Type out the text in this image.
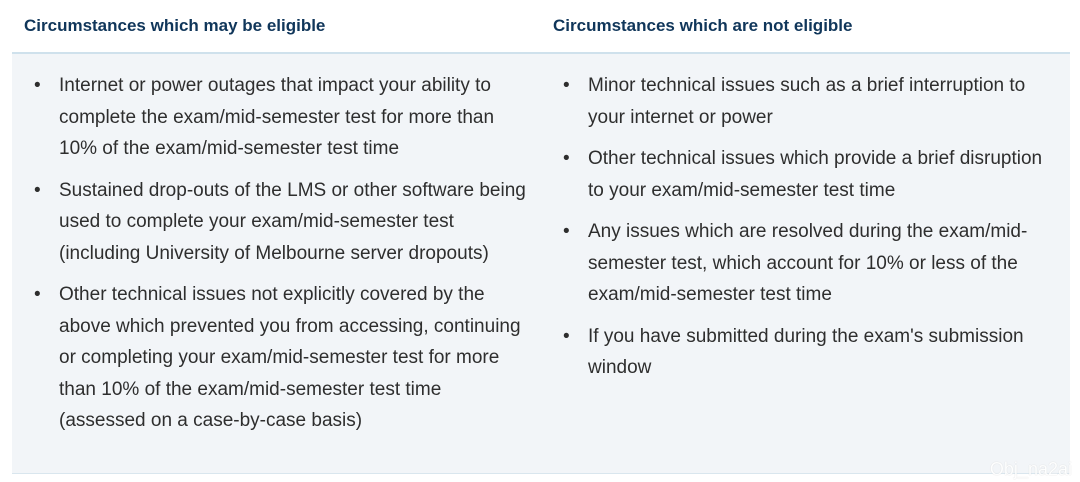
Circumstances which may be eligible	Circumstances which are not eligible
• Internet or power outages that impact your ability to complete the exam/mid-semester test for more than 10% of the exam/mid-semester test time
• Sustained drop-outs of the LMS or other software being used to complete your exam/mid-semester test (including University of Melbourne server dropouts)
• Other technical issues not explicitly covered by the above which prevented you from accessing, continuing or completing your exam/mid-semester test for more than 10% of the exam/mid-semester test time (assessed on a case-by-case basis)
• Minor technical issues such as a brief interruption to your internet or power
• Other technical issues which provide a brief disruption to your exam/mid-semester test time
• Any issues which are resolved during the exam/mid-semester test, which account for 10% or less of the exam/mid-semester test time
• If you have submitted during the exam's submission window
Obj_na2ai
